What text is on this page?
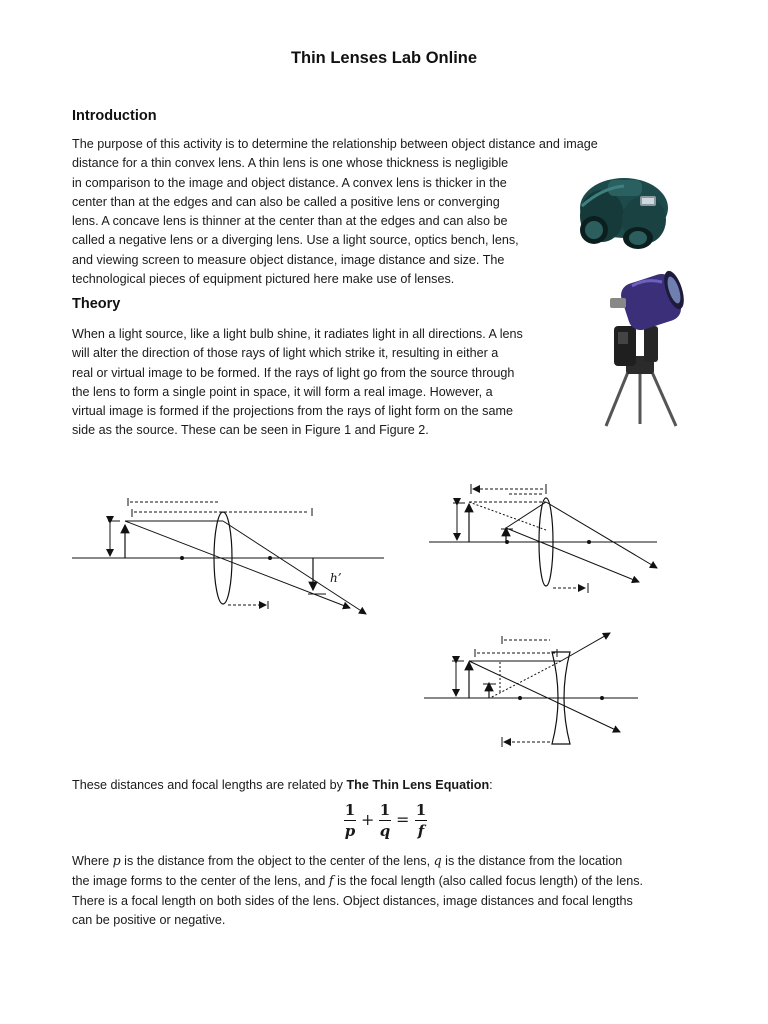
Thin Lenses Lab Online
Introduction

The purpose of this activity is to determine the relationship between object distance and image
distance for a thin convex lens. A thin lens is one whose thickness is negligible
in comparison to the image and object distance. A convex lens is thicker in the
center than at the edges and can also be called a positive lens or converging
lens. A concave lens is thinner at the center than at the edges and can also be
called a negative lens or a diverging lens. Use a light source, optics bench, lens,
and viewing screen to measure object distance, image distance and size. The
technological pieces of equipment pictured here make use of lenses.

Theory

When a light source, like a light bulb shine, it radiates light in all directions. A lens
will alter the direction of those rays of light which strike it, resulting in either a
real or virtual image to be formed. If the rays of light go from the source through
the lens to form a single point in space, it will form a real image. However, a
virtual image is formed if the projections from the rays of light form on the same
side as the source. These can be seen in Figure 1 and Figure 2.

h’
These distances and focal lengths are related by The Thin Lens Equation:
1
p
+ 1
q
= 1
f

Where p is the distance from the object to the center of the lens, q is the distance from the location
the image forms to the center of the lens, and f is the focal length (also called focus length) of the lens.
There is a focal length on both sides of the lens. Object distances, image distances and focal lengths
can be positive or negative.
